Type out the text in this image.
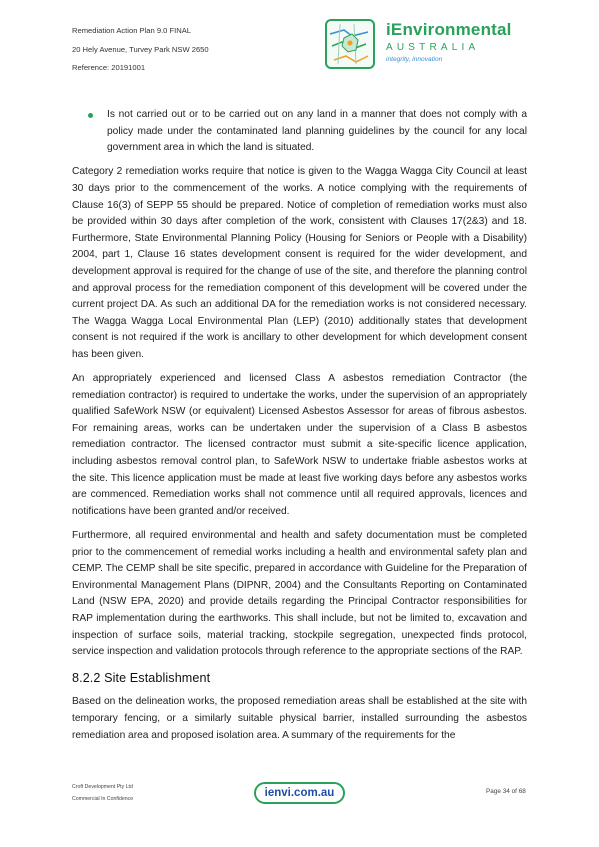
Remediation Action Plan 9.0 FINAL
20 Hely Avenue, Turvey Park NSW 2650
Reference: 20191001
iEnvironmental
AUSTRALIA
integrity, innovation
Is not carried out or to be carried out on any land in a manner that does not comply with a policy made under the contaminated land planning guidelines by the council for any local government area in which the land is situated.

Category 2 remediation works require that notice is given to the Wagga Wagga City Council at least 30 days prior to the commencement of the works. A notice complying with the requirements of Clause 16(3) of SEPP 55 should be prepared. Notice of completion of remediation works must also be provided within 30 days after completion of the work, consistent with Clauses 17(2&3) and 18. Furthermore, State Environmental Planning Policy (Housing for Seniors or People with a Disability) 2004, part 1, Clause 16 states development consent is required for the wider development, and development approval is required for the change of use of the site, and therefore the planning control and approval process for the remediation component of this development will be covered under the current project DA. As such an additional DA for the remediation works is not considered necessary. The Wagga Wagga Local Environmental Plan (LEP) (2010) additionally states that development consent is not required if the work is ancillary to other development for which development consent has been given.

An appropriately experienced and licensed Class A asbestos remediation Contractor (the remediation contractor) is required to undertake the works, under the supervision of an appropriately qualified SafeWork NSW (or equivalent) Licensed Asbestos Assessor for areas of fibrous asbestos. For remaining areas, works can be undertaken under the supervision of a Class B asbestos remediation contractor. The licensed contractor must submit a site-specific licence application, including asbestos removal control plan, to SafeWork NSW to undertake friable asbestos works at the site. This licence application must be made at least five working days before any asbestos works are commenced. Remediation works shall not commence until all required approvals, licences and notifications have been granted and/or received.

Furthermore, all required environmental and health and safety documentation must be completed prior to the commencement of remedial works including a health and environmental safety plan and CEMP. The CEMP shall be site specific, prepared in accordance with Guideline for the Preparation of Environmental Management Plans (DIPNR, 2004) and the Consultants Reporting on Contaminated Land (NSW EPA, 2020) and provide details regarding the Principal Contractor responsibilities for RAP implementation during the earthworks. This shall include, but not be limited to, excavation and inspection of surface soils, material tracking, stockpile segregation, unexpected finds protocol, service inspection and validation protocols through reference to the appropriate sections of the RAP.

8.2.2 Site Establishment

Based on the delineation works, the proposed remediation areas shall be established at the site with temporary fencing, or a similarly suitable physical barrier, installed surrounding the asbestos remediation area and proposed isolation area. A summary of the requirements for the

Croft Development Pty Ltd
Commercial In Confidence	ienvi.com.au	Page 34 of 68
